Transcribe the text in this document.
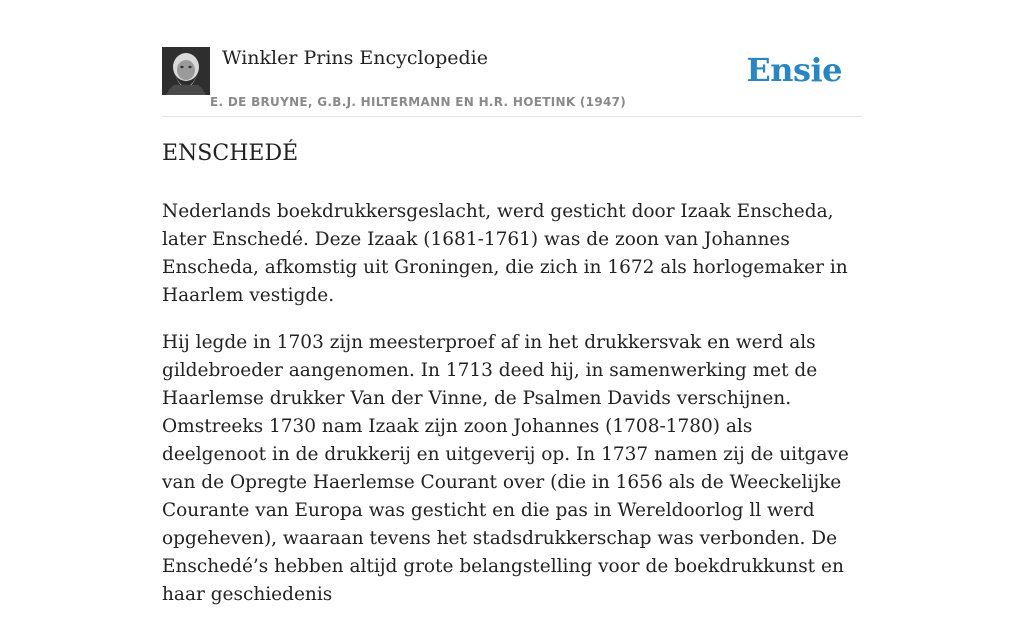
Winkler Prins Encyclopedie
E. DE BRUYNE, G.B.J. HILTERMANN EN H.R. HOETINK (1947)
Ensie
ENSCHEDÉ

Nederlands boekdrukkersgeslacht, werd gesticht door Izaak Enscheda, later Enschedé. Deze Izaak (1681-1761) was de zoon van Johannes Enscheda, afkomstig uit Groningen, die zich in 1672 als horlogemaker in Haarlem vestigde.

Hij legde in 1703 zijn meesterproef af in het drukkersvak en werd als gildebroeder aangenomen. In 1713 deed hij, in samenwerking met de Haarlemse drukker Van der Vinne, de Psalmen Davids verschijnen. Omstreeks 1730 nam Izaak zijn zoon Johannes (1708-1780) als deelgenoot in de drukkerij en uitgeverij op. In 1737 namen zij de uitgave van de Opregte Haerlemse Courant over (die in 1656 als de Weeckelijke Courante van Europa was gesticht en die pas in Wereldoorlog ll werd opgeheven), waaraan tevens het stadsdrukkerschap was verbonden. De Enschedé’s hebben altijd grote belangstelling voor de boekdrukkunst en haar geschiedenis
